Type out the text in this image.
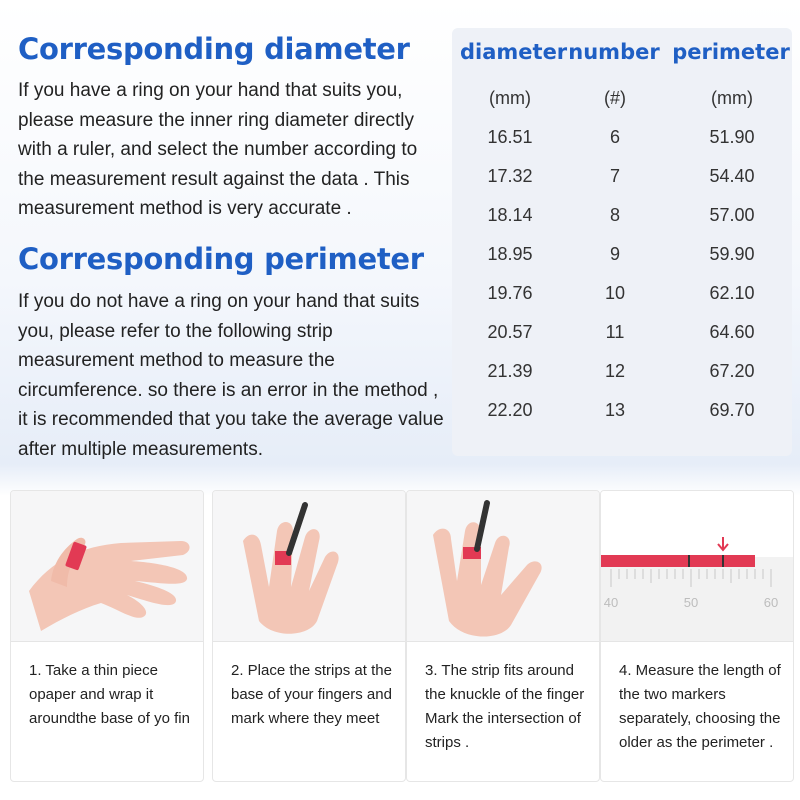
Corresponding diameter

If you have a ring on your hand that suits you, please measure the inner ring diameter directly with a ruler, and select the number according to the measurement result against the data . This measurement method is very accurate .

Corresponding perimeter

If you do not have a ring on your hand that suits you, please refer to the following strip measurement method to measure the circumference. so there is an error in the method , it is recommended that you take the average value after multiple measurements.

diameter number perimeter
(mm)	(#)	(mm)
16.51	6	51.90
17.32	7	54.40
18.14	8	57.00
18.95	9	59.90
19.76	10	62.10
20.57	11	64.60
21.39	12	67.20
22.20	13	69.70

1. Take a thin piece opaper and wrap it aroundthe base of yo fin

2. Place the strips at the base of your fingers and mark where they meet

3. The strip fits around the knuckle of the finger Mark the intersection of strips .

40	50	60

4. Measure the length of the two markers separately, choosing the older as the perimeter .
